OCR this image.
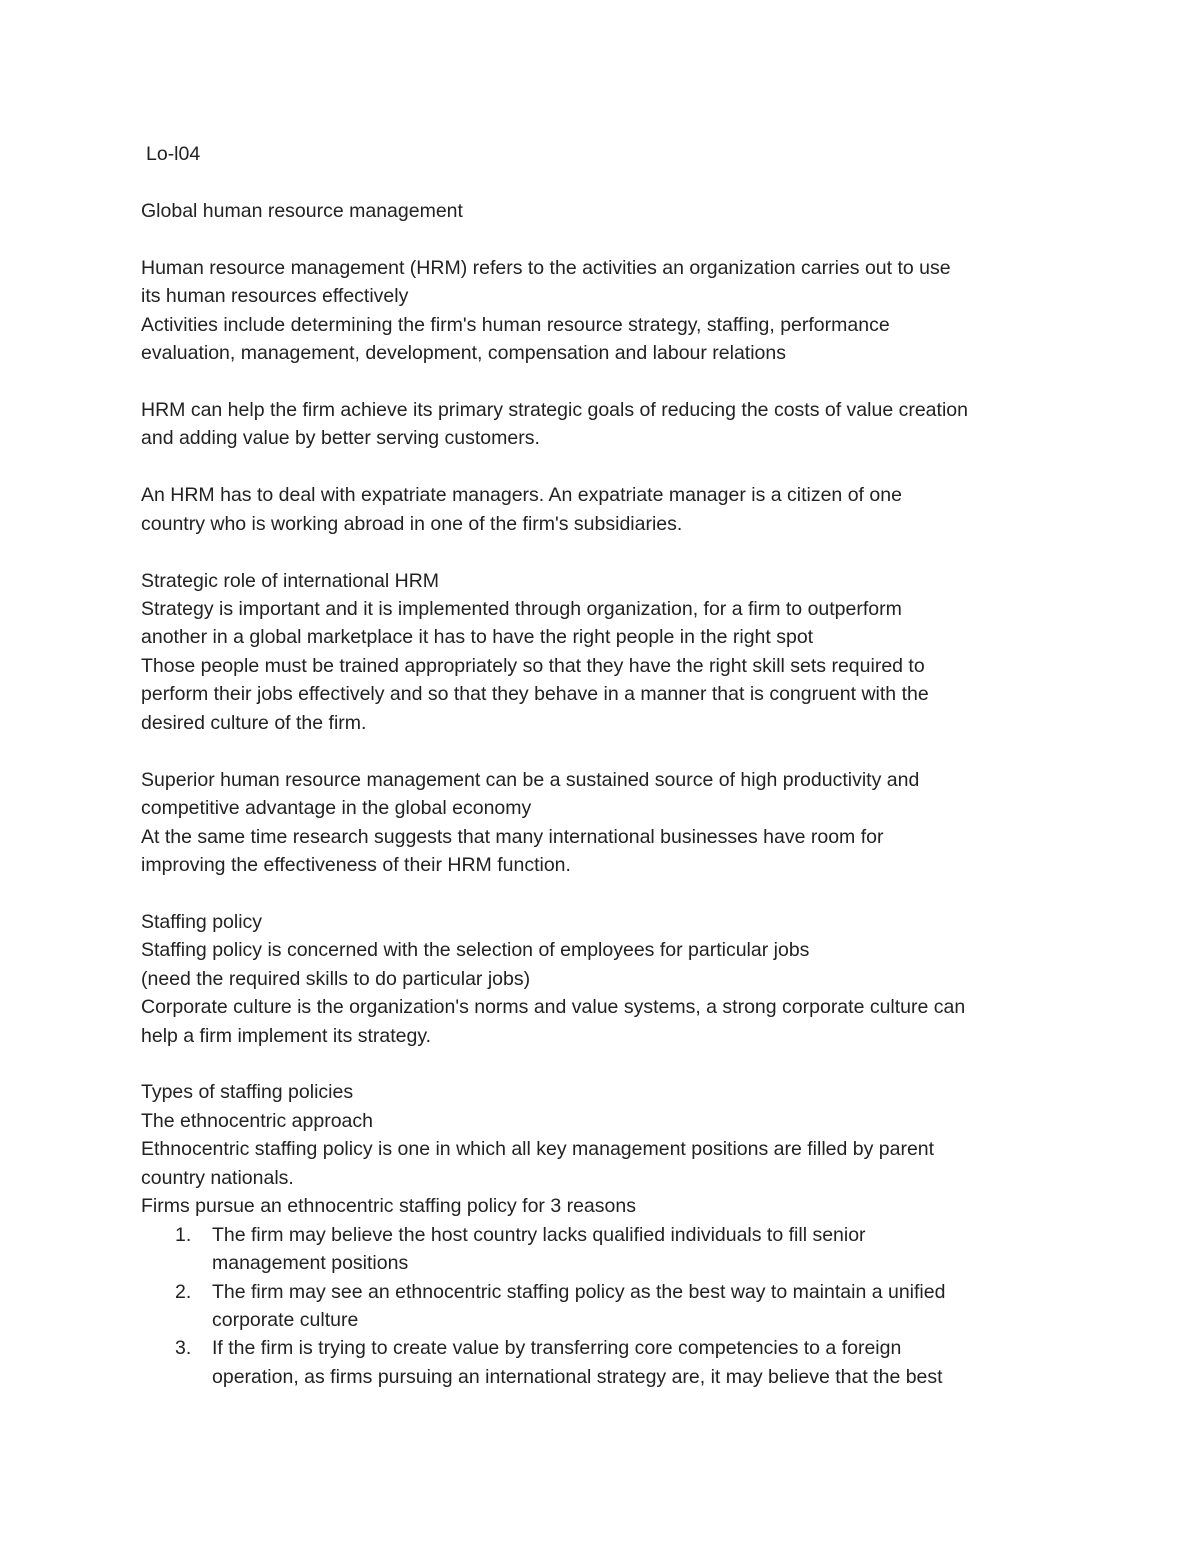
Lo-l04
Global human resource management
Human resource management (HRM) refers to the activities an organization carries out to use
its human resources effectively
Activities include determining the firm's human resource strategy, staffing, performance
evaluation, management, development, compensation and labour relations
HRM can help the firm achieve its primary strategic goals of reducing the costs of value creation
and adding value by better serving customers.
An HRM has to deal with expatriate managers. An expatriate manager is a citizen of one
country who is working abroad in one of the firm's subsidiaries.
Strategic role of international HRM
Strategy is important and it is implemented through organization, for a firm to outperform
another in a global marketplace it has to have the right people in the right spot
Those people must be trained appropriately so that they have the right skill sets required to
perform their jobs effectively and so that they behave in a manner that is congruent with the
desired culture of the firm.
Superior human resource management can be a sustained source of high productivity and
competitive advantage in the global economy
At the same time research suggests that many international businesses have room for
improving the effectiveness of their HRM function.
Staffing policy
Staffing policy is concerned with the selection of employees for particular jobs
(need the required skills to do particular jobs)
Corporate culture is the organization's norms and value systems, a strong corporate culture can
help a firm implement its strategy.
Types of staffing policies
The ethnocentric approach
Ethnocentric staffing policy is one in which all key management positions are filled by parent
country nationals.
Firms pursue an ethnocentric staffing policy for 3 reasons
1. The firm may believe the host country lacks qualified individuals to fill senior
management positions
2. The firm may see an ethnocentric staffing policy as the best way to maintain a unified
corporate culture
3. If the firm is trying to create value by transferring core competencies to a foreign
operation, as firms pursuing an international strategy are, it may believe that the best
